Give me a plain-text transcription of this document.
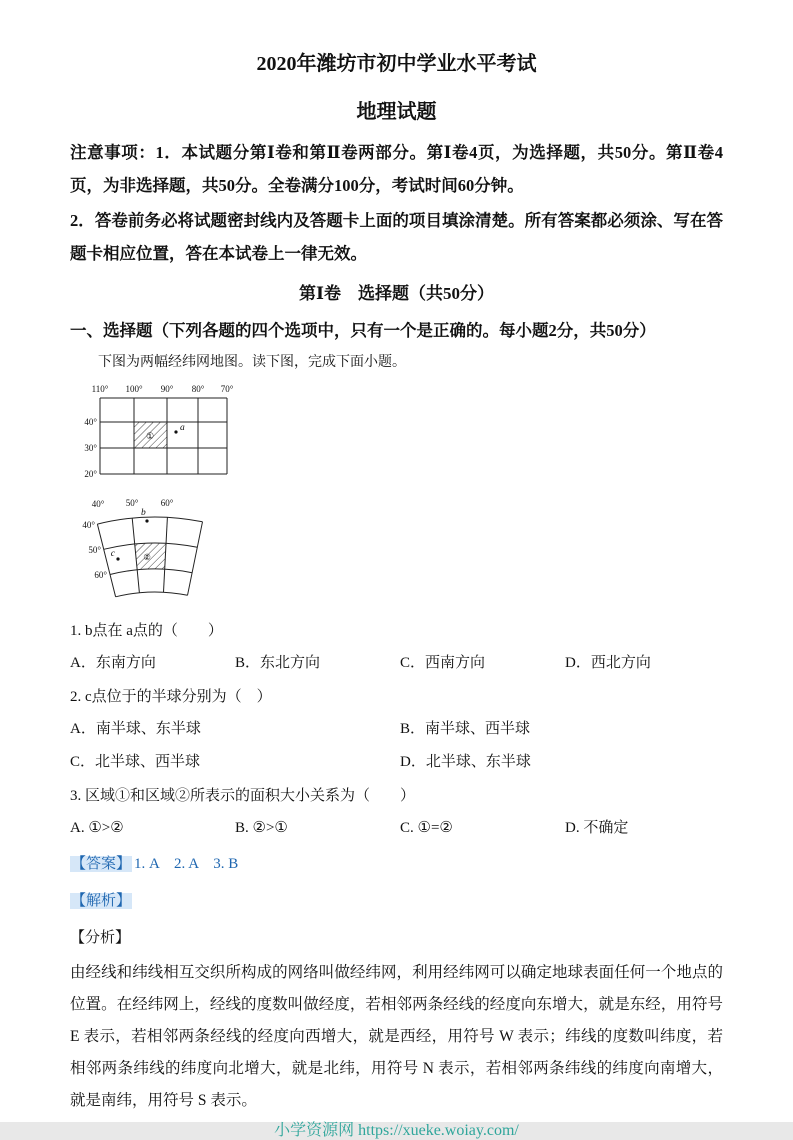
2020年潍坊市初中学业水平考试
地理试题

注意事项：1．本试题分第Ⅰ卷和第Ⅱ卷两部分。第Ⅰ卷4页，为选择题，共50分。第Ⅱ卷4页，为非选择题，共50分。全卷满分100分，考试时间60分钟。

2．答卷前务必将试题密封线内及答题卡上面的项目填涂清楚。所有答案都必须涂、写在答题卡相应位置，答在本试卷上一律无效。

第Ⅰ卷　选择题（共50分）
一、选择题（下列各题的四个选项中，只有一个是正确的。每小题2分，共50分）

下图为两幅经纬网地图。读下图，完成下面小题。

110° 100° 90° 80° 70°
40°
30°
20°
①
a
40° 50° 60°
40°
50°
60°
②
b
c

1. b点在 a点的（　　）

A．东南方向	B．东北方向	C．西南方向	D．西北方向

2. c点位于的半球分别为（　）

A．南半球、东半球	B．南半球、西半球
C．北半球、西半球	D．北半球、东半球

3. 区域①和区域②所表示的面积大小关系为（　　）

A. ①>②	B. ②>①	C. ①=②	D. 不确定
【答案】 1. A    2. A    3. B
【解析】
【分析】

由经线和纬线相互交织所构成的网络叫做经纬网，利用经纬网可以确定地球表面任何一个地点的位置。在经纬网上，经线的度数叫做经度，若相邻两条经线的经度向东增大，就是东经，用符号 E 表示，若相邻两条经线的经度向西增大，就是西经，用符号 W 表示；纬线的度数叫纬度，若相邻两条纬线的纬度向北增大，就是北纬，用符号 N 表示，若相邻两条纬线的纬度向南增大，就是南纬，用符号 S 表示。

小学资源网 https://xueke.woiay.com/
